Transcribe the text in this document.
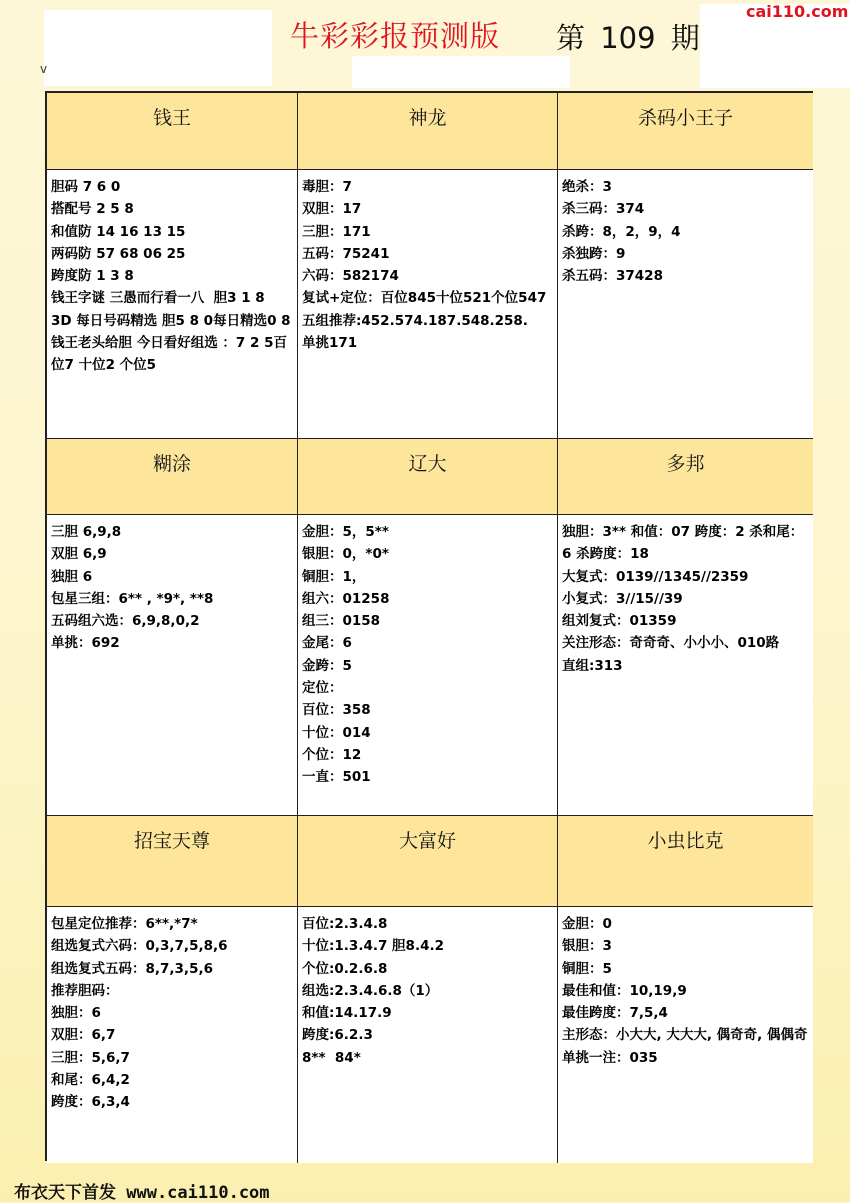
v
牛彩彩报预测版 第 109 期
cai110.com
钱王
胆码 7 6 0
搭配号 2 5 8
和值防 14 16 13 15
两码防 57 68 06 25
跨度防 1 3 8
钱王字谜 三愚而行看一八  胆3 1 8
3D 每日号码精选 胆5 8 0每日精选0 8
钱王老头给胆 今日看好组选 ：7 2 5百位7 十位2 个位5
神龙
毒胆：7
双胆：17
三胆：171
五码：75241
六码：582174
复试+定位：百位845十位521个位547
五组推荐:452.574.187.548.258.
单挑171
杀码小王子
绝杀：3
杀三码：374
杀跨：8，2，9，4
杀独跨：9
杀五码：37428
糊涂
三胆 6,9,8
双胆 6,9
独胆 6
包星三组：6** , *9*, **8
五码组六选：6,9,8,0,2
单挑：692
辽大
金胆：5，5**
银胆：0，*0*
铜胆：1，
组六：01258
组三：0158
金尾：6
金跨：5
定位：
百位：358
十位：014
个位：12
一直：501
多邦
独胆：3** 和值：07 跨度：2 杀和尾：6 杀跨度：18
大复式：0139//1345//2359
小复式：3//15//39
组刘复式：01359
关注形态：奇奇奇、小小小、010路
直组:313
招宝天尊
包星定位推荐：6**,*7*
组选复式六码：0,3,7,5,8,6
组选复式五码：8,7,3,5,6
推荐胆码：
独胆：6
双胆：6,7
三胆：5,6,7
和尾：6,4,2
跨度：6,3,4
大富好
百位:2.3.4.8
十位:1.3.4.7 胆8.4.2
个位:0.2.6.8
组选:2.3.4.6.8（1）
和值:14.17.9
跨度:6.2.3
8**  84*
小虫比克
金胆：0
银胆：3
铜胆：5
最佳和值：10,19,9
最佳跨度：7,5,4
主形态：小大大, 大大大, 偶奇奇, 偶偶奇
单挑一注：035
布衣天下首发 www.cai110.com
